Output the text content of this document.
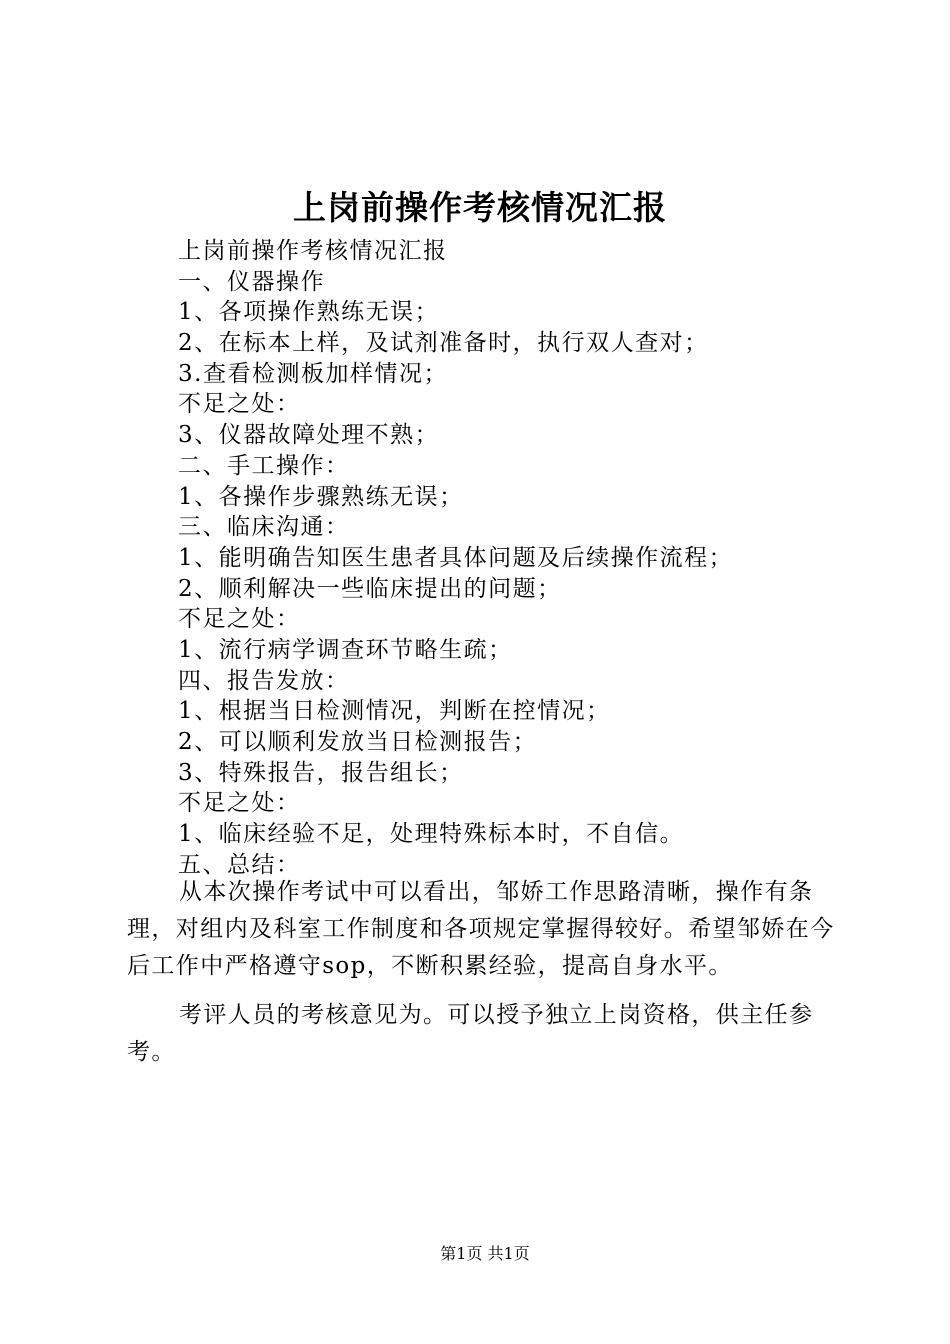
上岗前操作考核情况汇报
上岗前操作考核情况汇报
一、仪器操作
1、各项操作熟练无误；
2、在标本上样，及试剂准备时，执行双人查对；
3.查看检测板加样情况；
不足之处：
3、仪器故障处理不熟；
二、手工操作：
1、各操作步骤熟练无误；
三、临床沟通：
1、能明确告知医生患者具体问题及后续操作流程；
2、顺利解决一些临床提出的问题；
不足之处：
1、流行病学调查环节略生疏；
四、报告发放：
1、根据当日检测情况，判断在控情况；
2、可以顺利发放当日检测报告；
3、特殊报告，报告组长；
不足之处：
1、临床经验不足，处理特殊标本时，不自信。
五、总结：
从本次操作考试中可以看出，邹娇工作思路清晰，操作有条理，对组内及科室工作制度和各项规定掌握得较好。希望邹娇在今后工作中严格遵守sop，不断积累经验，提高自身水平。
考评人员的考核意见为。可以授予独立上岗资格，供主任参考。
第1页 共1页
